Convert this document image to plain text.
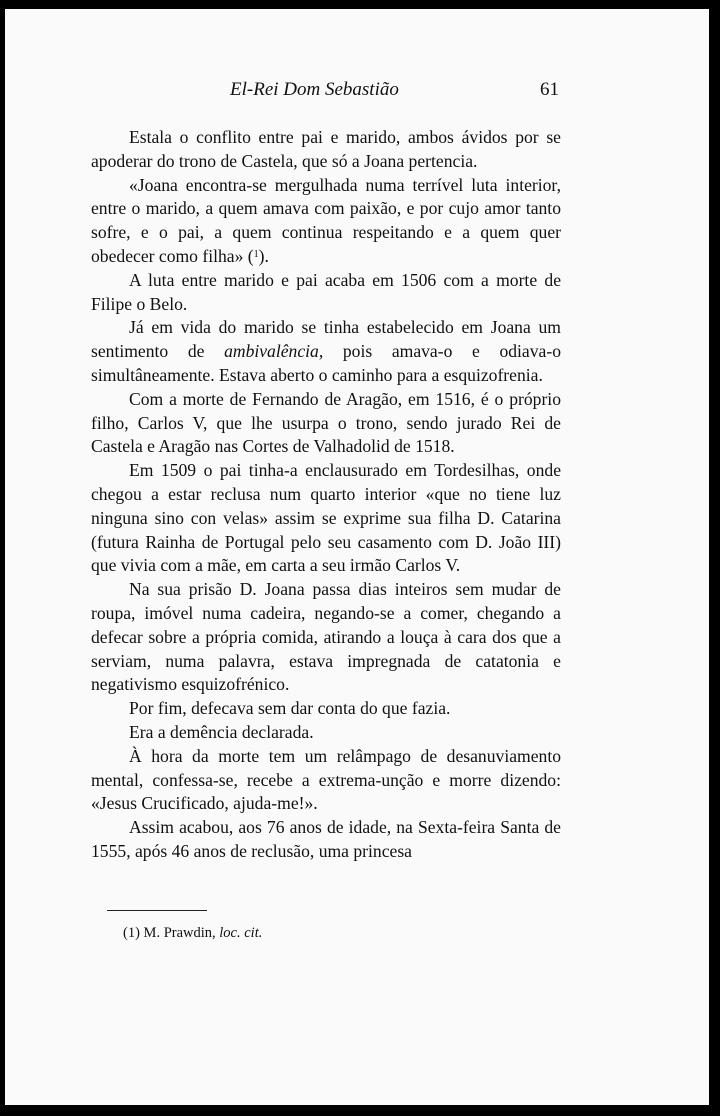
El-Rei Dom Sebastião	61

Estala o conflito entre pai e marido, ambos ávidos por se apoderar do trono de Castela, que só a Joana pertencia.

«Joana encontra-se mergulhada numa terrível luta interior, entre o marido, a quem amava com paixão, e por cujo amor tanto sofre, e o pai, a quem continua respeitando e a quem quer obedecer como filha» ($^1$).

A luta entre marido e pai acaba em 1506 com a morte de Filipe o Belo.

Já em vida do marido se tinha estabelecido em Joana um sentimento de ambivalência, pois amava-o e odiava-o simultâneamente. Estava aberto o caminho para a esquizofrenia.

Com a morte de Fernando de Aragão, em 1516, é o próprio filho, Carlos V, que lhe usurpa o trono, sendo jurado Rei de Castela e Aragão nas Cortes de Valhadolid de 1518.

Em 1509 o pai tinha-a enclausurado em Tordesilhas, onde chegou a estar reclusa num quarto interior «que no tiene luz ninguna sino con velas» assim se exprime sua filha D. Catarina (futura Rainha de Portugal pelo seu casamento com D. João III) que vivia com a mãe, em carta a seu irmão Carlos V.

Na sua prisão D. Joana passa dias inteiros sem mudar de roupa, imóvel numa cadeira, negando-se a comer, chegando a defecar sobre a própria comida, atirando a louça à cara dos que a serviam, numa palavra, estava impregnada de catatonia e negativismo esquizofrénico.

Por fim, defecava sem dar conta do que fazia.

Era a demência declarada.

À hora da morte tem um relâmpago de desanuviamento mental, confessa-se, recebe a extrema-unção e morre dizendo: «Jesus Crucificado, ajuda-me!».

Assim acabou, aos 76 anos de idade, na Sexta-feira Santa de 1555, após 46 anos de reclusão, uma princesa

(1) M. Prawdin, loc. cit.
